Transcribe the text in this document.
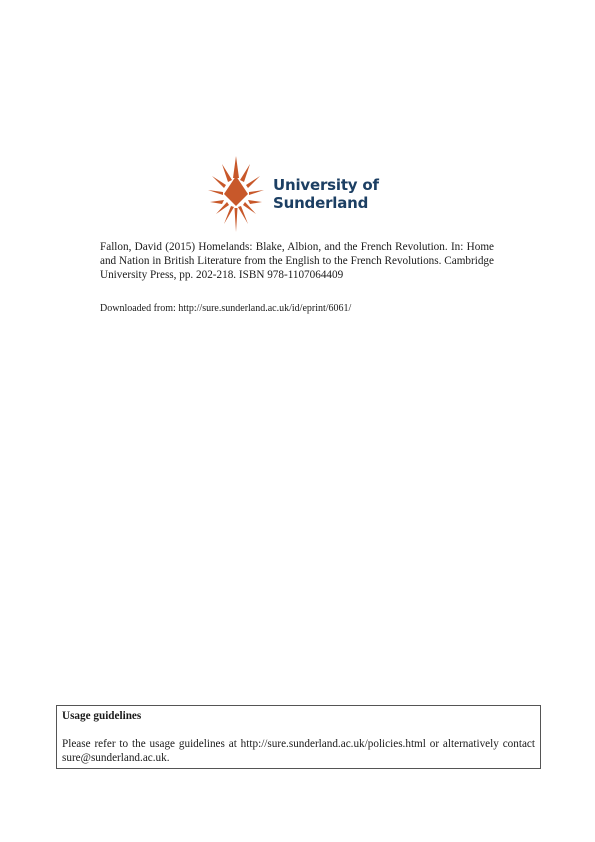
University of
Sunderland
Fallon, David (2015) Homelands: Blake, Albion, and the French Revolution. In: Home and Nation in British Literature from the English to the French Revolutions. Cambridge University Press, pp. 202-218. ISBN 978-1107064409
Downloaded from: http://sure.sunderland.ac.uk/id/eprint/6061/

Usage guidelines

Please refer to the usage guidelines at http://sure.sunderland.ac.uk/policies.html or alternatively contact sure@sunderland.ac.uk.
